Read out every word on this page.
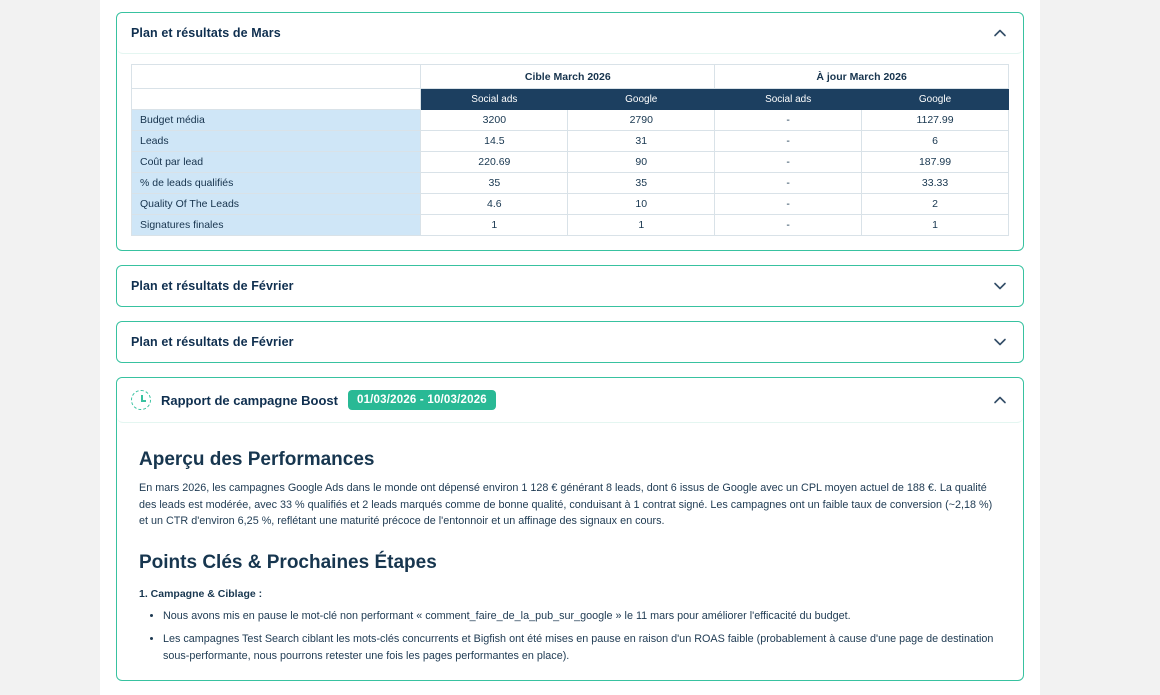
Plan et résultats de Mars
	Cible March 2026		À jour March 2026	
	Social ads	Google	Social ads	Google
Budget média	3200	2790	-	1127.99
Leads	14.5	31	-	6
Coût par lead	220.69	90	-	187.99
% de leads qualifiés	35	35	-	33.33
Quality Of The Leads	4.6	10	-	2
Signatures finales	1	1	-	1
Plan et résultats de Février
Plan et résultats de Février
Rapport de campagne Boost	01/03/2026 - 10/03/2026
Aperçu des Performances

En mars 2026, les campagnes Google Ads dans le monde ont dépensé environ 1 128 € générant 8 leads, dont 6 issus de Google avec un CPL moyen actuel de 188 €. La qualité des leads est modérée, avec 33 % qualifiés et 2 leads marqués comme de bonne qualité, conduisant à 1 contrat signé. Les campagnes ont un faible taux de conversion (~2,18 %) et un CTR d'environ 6,25 %, reflétant une maturité précoce de l'entonnoir et un affinage des signaux en cours.

Points Clés & Prochaines Étapes
1. Campagne & Ciblage :
• Nous avons mis en pause le mot-clé non performant « comment_faire_de_la_pub_sur_google » le 11 mars pour améliorer l'efficacité du budget.
• Les campagnes Test Search ciblant les mots-clés concurrents et Bigfish ont été mises en pause en raison d'un ROAS faible (probablement à cause d'une page de destination sous-performante, nous pourrons retester une fois les pages performantes en place).
